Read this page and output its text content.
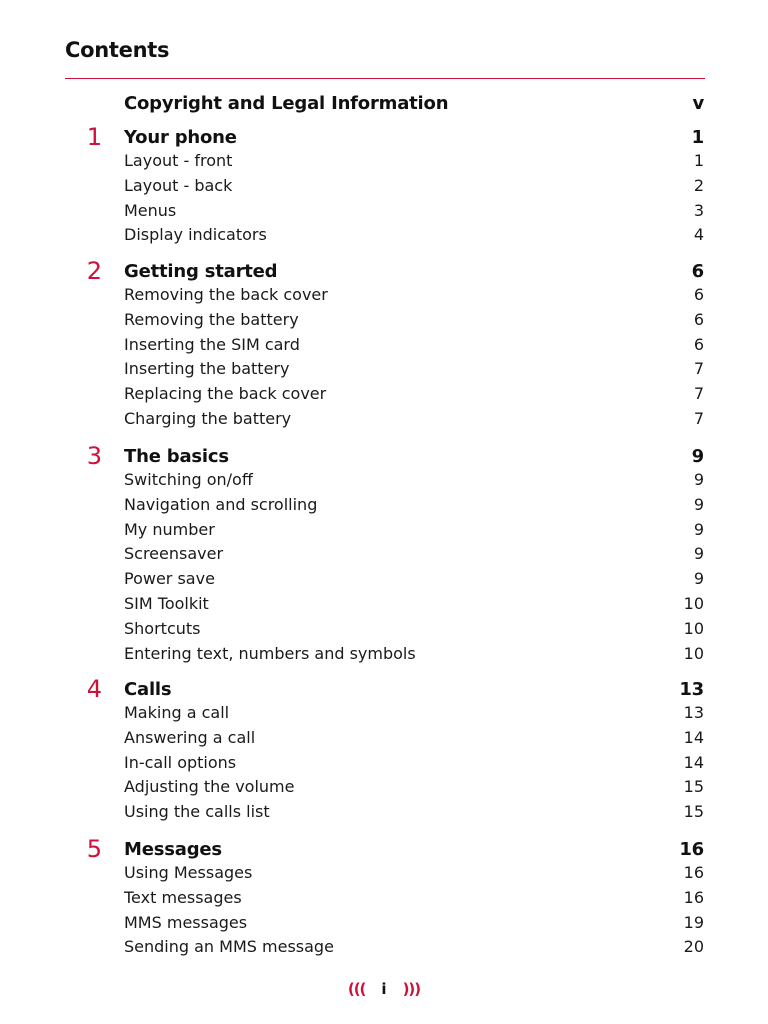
Contents
Copyright and Legal Information	v
1 Your phone	1
Layout - front	1
Layout - back	2
Menus	3
Display indicators	4
2 Getting started	6
Removing the back cover	6
Removing the battery	6
Inserting the SIM card	6
Inserting the battery	7
Replacing the back cover	7
Charging the battery	7
3 The basics	9
Switching on/off	9
Navigation and scrolling	9
My number	9
Screensaver	9
Power save	9
SIM Toolkit	10
Shortcuts	10
Entering text, numbers and symbols	10
4 Calls	13
Making a call	13
Answering a call	14
In-call options	14
Adjusting the volume	15
Using the calls list	15
5 Messages	16
Using Messages	16
Text messages	16
MMS messages	19
Sending an MMS message	20
((( i )))
